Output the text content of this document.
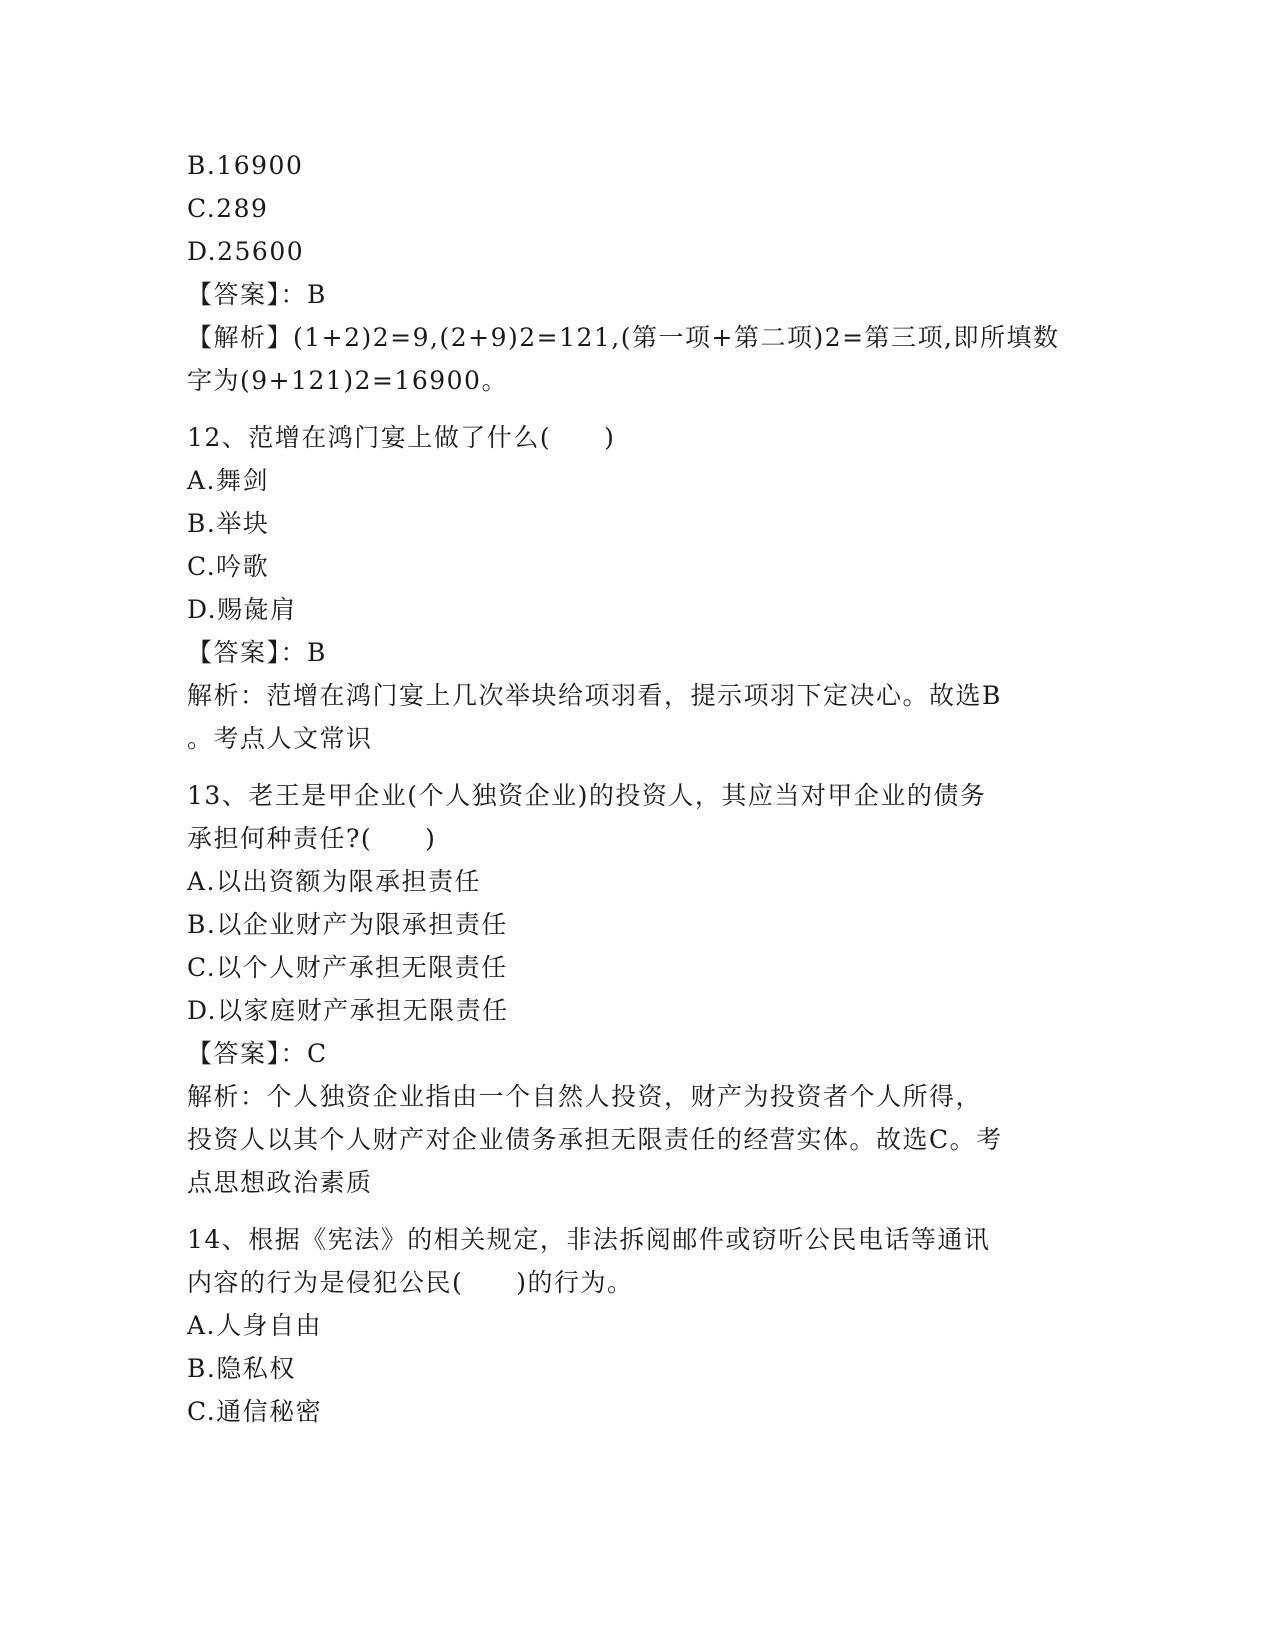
B.16900
C.289
D.25600
【答案】：B
【解析】(1+2)2=9,(2+9)2=121,(第一项+第二项)2=第三项,即所填数
字为(9+121)2=16900。
12、范增在鸿门宴上做了什么(　　)
A.舞剑
B.举块
C.吟歌
D.赐彘肩
【答案】：B
解析：范增在鸿门宴上几次举块给项羽看，提示项羽下定决心。故选B
。考点人文常识
13、老王是甲企业(个人独资企业)的投资人，其应当对甲企业的债务
承担何种责任?(　　)
A.以出资额为限承担责任
B.以企业财产为限承担责任
C.以个人财产承担无限责任
D.以家庭财产承担无限责任
【答案】：C
解析：个人独资企业指由一个自然人投资，财产为投资者个人所得，
投资人以其个人财产对企业债务承担无限责任的经营实体。故选C。考
点思想政治素质
14、根据《宪法》的相关规定，非法拆阅邮件或窃听公民电话等通讯
内容的行为是侵犯公民(　　)的行为。
A.人身自由
B.隐私权
C.通信秘密
